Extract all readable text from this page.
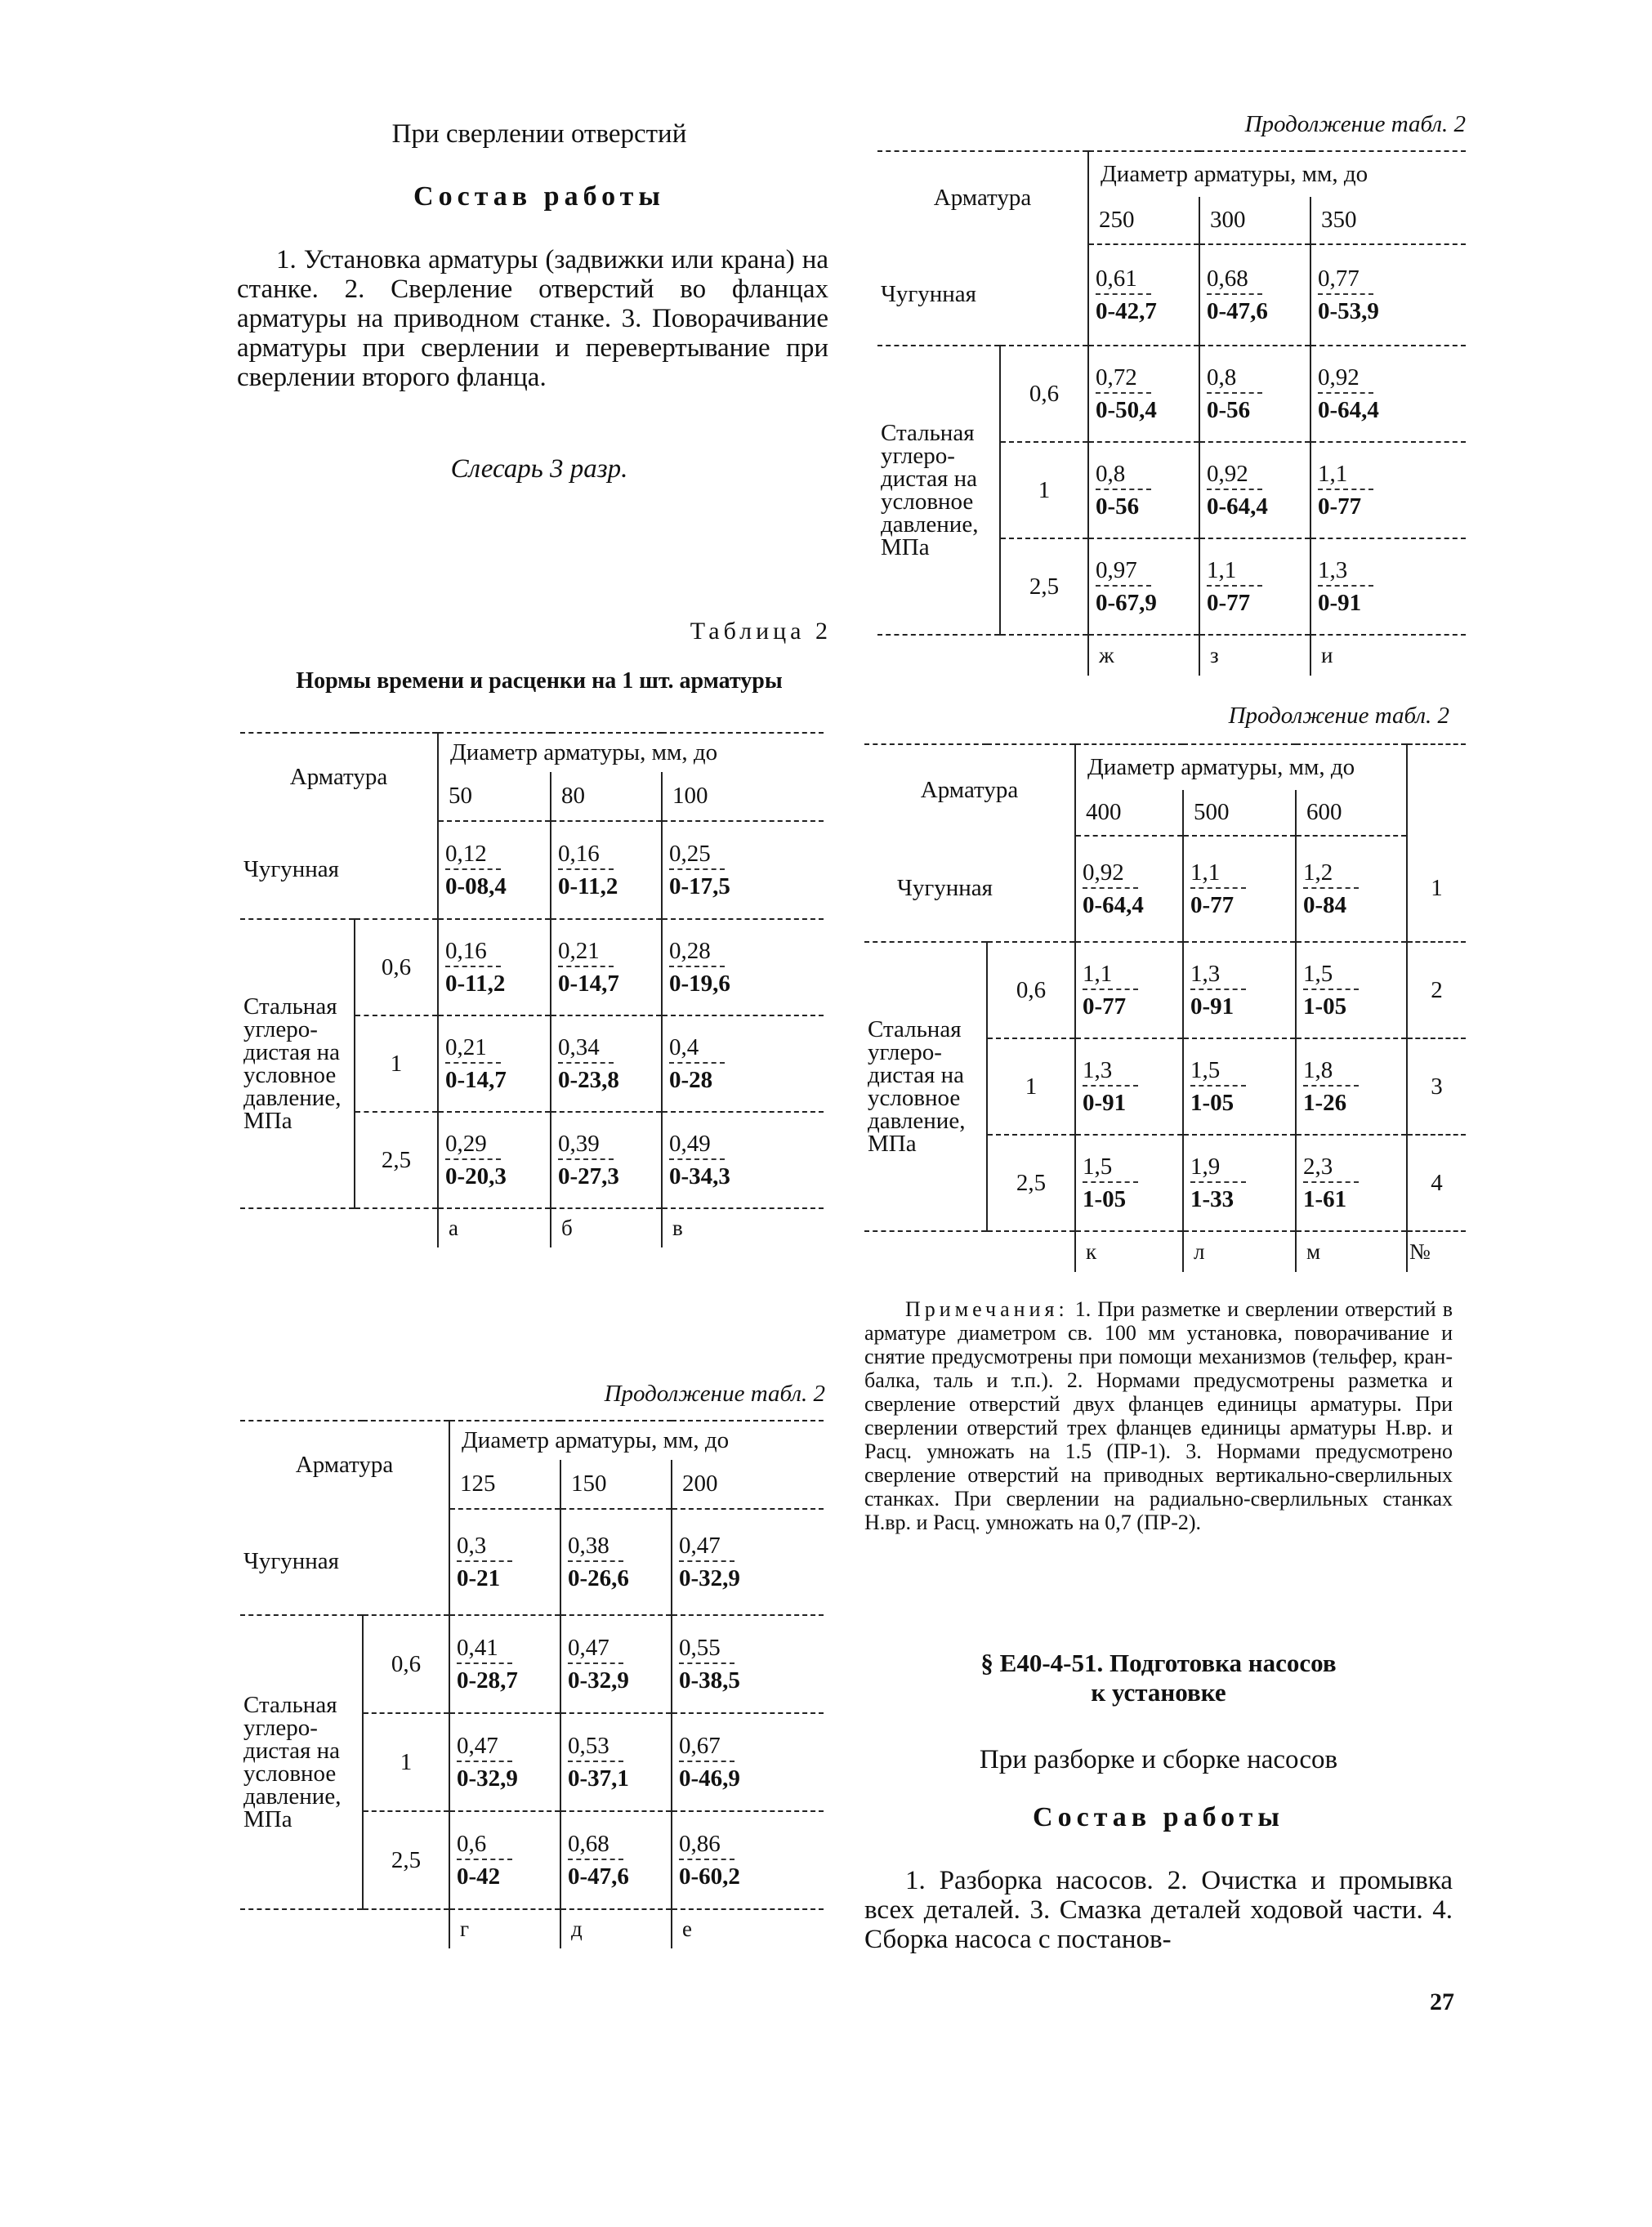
При сверлении отверстий
Состав работы
1. Установка арматуры (задвижки или крана) на станке. 2. Сверление отверстий во фланцах арматуры на приводном станке. 3. Поворачивание арматуры при сверлении и перевертывание при сверлении второго фланца.
Слесарь 3 разр.
Таблица 2
Нормы времени и расценки на 1 шт. арматуры
Арматура		Диаметр арматуры, мм, до		
		50	80	100
Чугунная		$\frac{0,12}{0-08,4}$	$\frac{0,16}{0-11,2}$	$\frac{0,25}{0-17,5}$

Стальная углеродистая на условное давление, МПа	0,6	$\frac{0,16}{0-11,2}$	$\frac{0,21}{0-14,7}$	$\frac{0,28}{0-19,6}$

	1	$\frac{0,21}{0-14,7}$	$\frac{0,34}{0-23,8}$	$\frac{0,4}{0-28}$

	2,5	$\frac{0,29}{0-20,3}$	$\frac{0,39}{0-27,3}$	$\frac{0,49}{0-34,3}$

		а	б	в
Продолжение табл. 2
Арматура		Диаметр арматуры, мм, до		
		125	150	200
Чугунная		$\frac{0,3}{0-21}$	$\frac{0,38}{0-26,6}$	$\frac{0,47}{0-32,9}$

Стальная углеродистая на условное давление, МПа	0,6	$\frac{0,41}{0-28,7}$	$\frac{0,47}{0-32,9}$	$\frac{0,55}{0-38,5}$

	1	$\frac{0,47}{0-32,9}$	$\frac{0,53}{0-37,1}$	$\frac{0,67}{0-46,9}$

	2,5	$\frac{0,6}{0-42}$	$\frac{0,68}{0-47,6}$	$\frac{0,86}{0-60,2}$

		г	д	е
Продолжение табл. 2
Арматура		Диаметр арматуры, мм, до		
		250	300	350
Чугунная		$\frac{0,61}{0-42,7}$	$\frac{0,68}{0-47,6}$	$\frac{0,77}{0-53,9}$

Стальная углеродистая на условное давление, МПа	0,6	$\frac{0,72}{0-50,4}$	$\frac{0,8}{0-56}$	$\frac{0,92}{0-64,4}$

	1	$\frac{0,8}{0-56}$	$\frac{0,92}{0-64,4}$	$\frac{1,1}{0-77}$

	2,5	$\frac{0,97}{0-67,9}$	$\frac{1,1}{0-77}$	$\frac{1,3}{0-91}$

		ж	з	и
Продолжение табл. 2
Арматура		Диаметр арматуры, мм, до			
		400	500	600	
Чугунная		$\frac{0,92}{0-64,4}$	$\frac{1,1}{0-77}$	$\frac{1,2}{0-84}$	1
Стальная углеродистая на условное давление, МПа	0,6	$\frac{1,1}{0-77}$	$\frac{1,3}{0-91}$	$\frac{1,5}{1-05}$	2
	1	$\frac{1,3}{0-91}$	$\frac{1,5}{1-05}$	$\frac{1,8}{1-26}$	3
	2,5	$\frac{1,5}{1-05}$	$\frac{1,9}{1-33}$	$\frac{2,3}{1-61}$	4
		к	л	м	№
Примечания: 1. При разметке и сверлении отверстий в арматуре диаметром св. 100 мм установка, поворачивание и снятие предусмотрены при помощи механизмов (тельфер, кран-балка, таль и т.п.). 2. Нормами предусмотрены разметка и сверление отверстий двух фланцев единицы арматуры. При сверлении отверстий трех фланцев единицы арматуры Н.вр. и Расц. умножать на 1.5 (ПР-1). 3. Нормами предусмотрено сверление отверстий на приводных вертикально-сверлильных станках. При сверлении на радиально-сверлильных станках Н.вр. и Расц. умножать на 0,7 (ПР-2).
§ Е40-4-51. Подготовка насосов
к установке
При разборке и сборке насосов
Состав работы
1. Разборка насосов. 2. Очистка и промывка всех деталей. 3. Смазка деталей ходовой части. 4. Сборка насоса с постанов-
27
